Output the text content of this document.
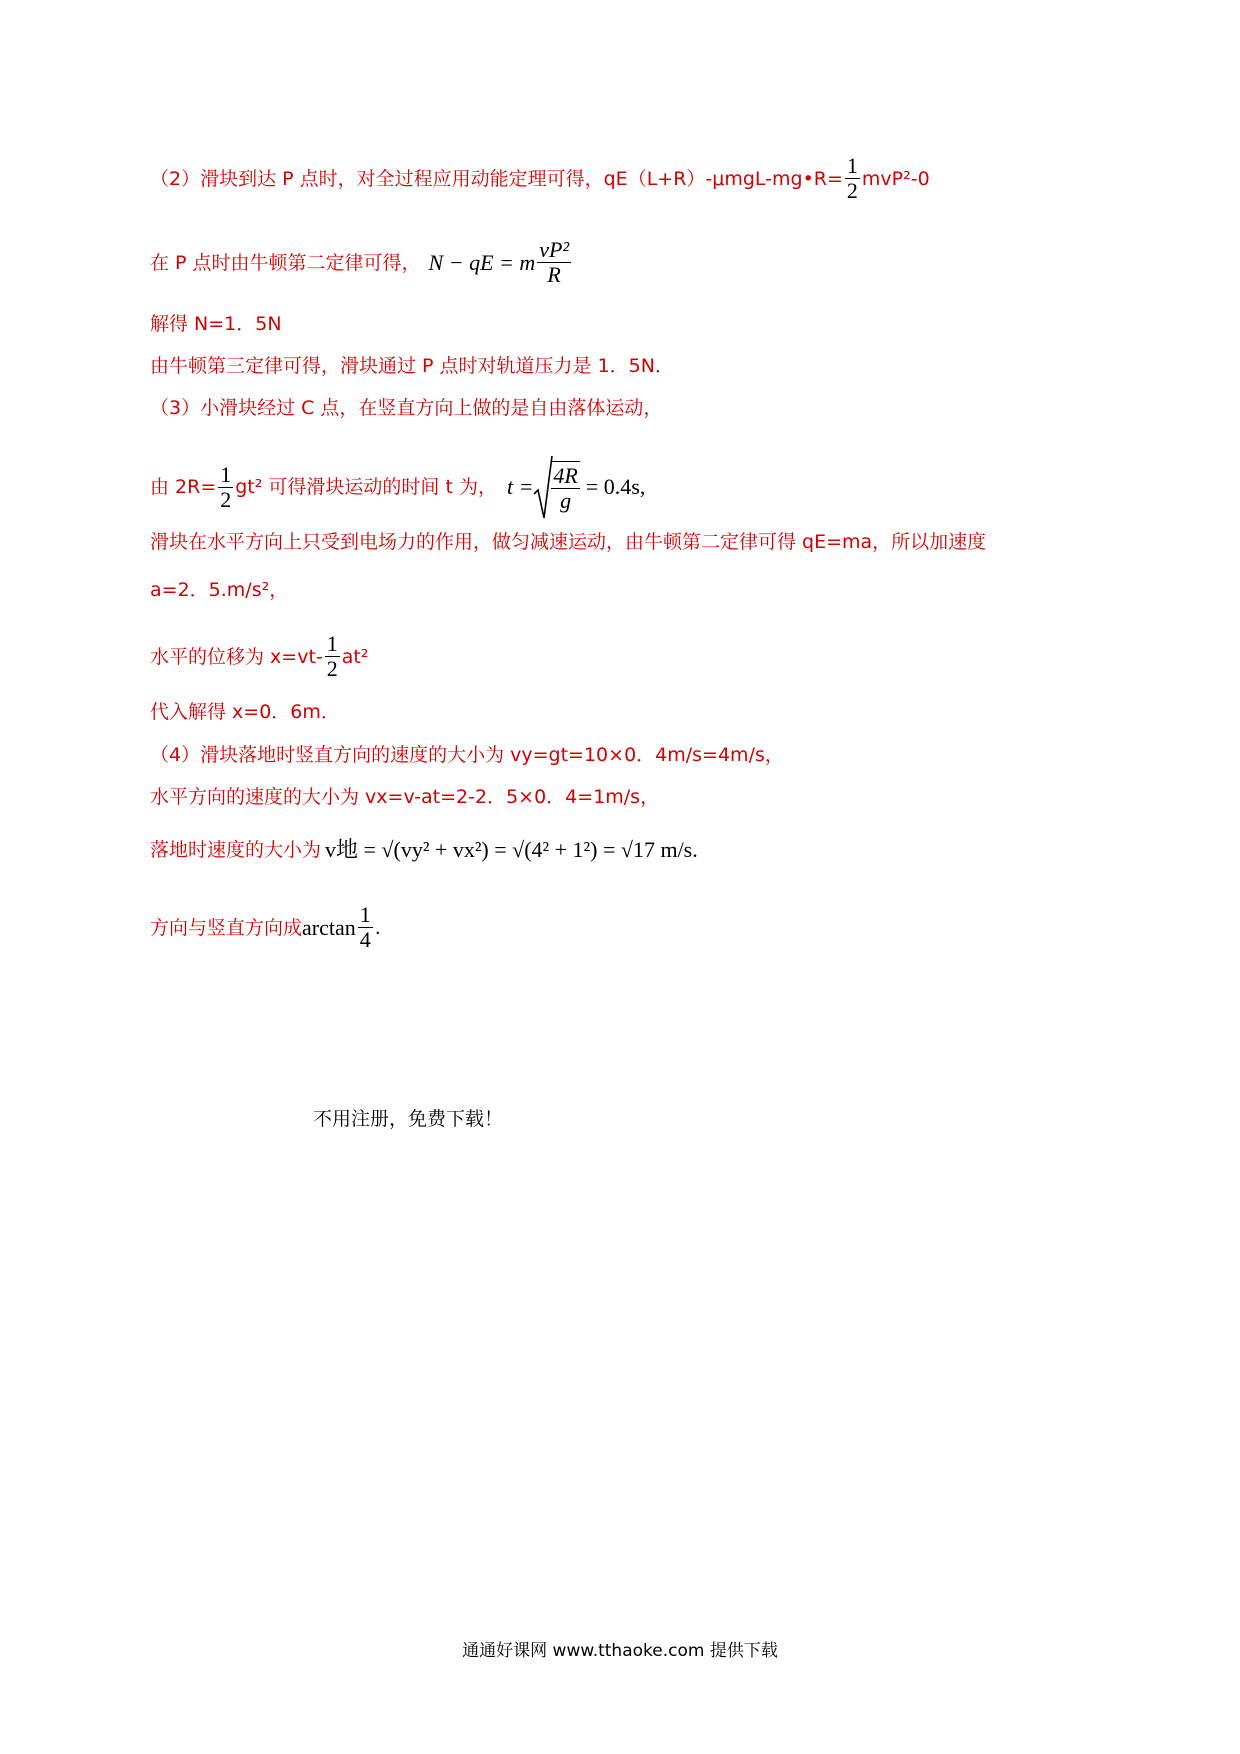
（2）滑块到达 P 点时，对全过程应用动能定理可得，qE（L+R）-μmgL-mg•R= $\frac{1}{2} mvP^2-0$
在 P 点时由牛顿第二定律可得， N − qE = m $\frac{\text{vP²}}{R}$
解得 N=1．5N
由牛顿第三定律可得，滑块通过 P 点时对轨道压力是 1．5N．
（3）小滑块经过 C 点，在竖直方向上做的是自由落体运动，
由 $2R= \frac{1}{2} gt^2$ 可得滑块运动的时间 t 为， $t = \frac{4R}{g} = 0.4s$,
滑块在水平方向上只受到电场力的作用，做匀减速运动，由牛顿第二定律可得 qE=ma，所以加速度
a=2．5.m/s²，
水平的位移为 $x=vt- \frac{1}{2} at^2$
代入解得 x=0．6m．
（4）滑块落地时竖直方向的速度的大小为 vy=gt=10×0．4m/s=4m/s，
水平方向的速度的大小为 vx=v-at=2-2．5×0．4=1m/s，
落地时速度的大小为 v地 = √(vy² + vx²) = √(4² + 1²) = √17 m/s.
方向与竖直方向成$\arctan \frac{1}{4}$ .
不用注册，免费下载！
通通好课网 www.tthaoke.com 提供下载
